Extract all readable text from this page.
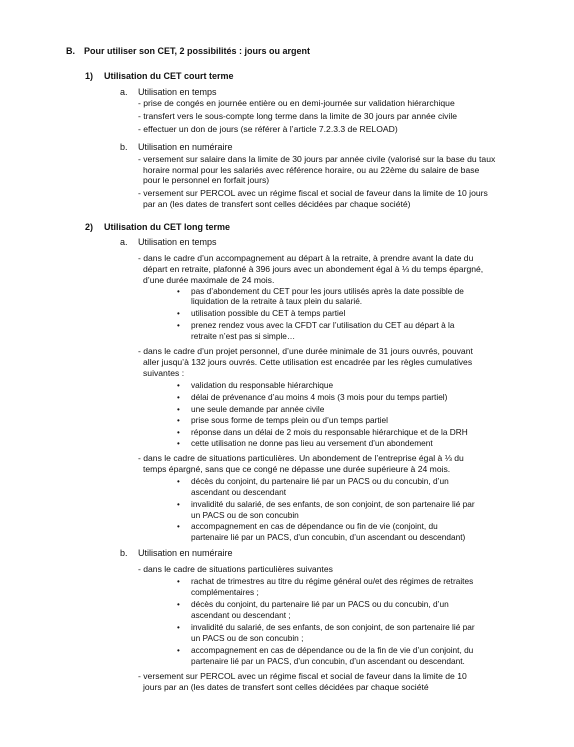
B. Pour utiliser son CET, 2 possibilités : jours ou argent
1) Utilisation du CET court terme
a. Utilisation en temps
- prise de congés en journée entière ou en demi-journée sur validation hiérarchique
- transfert vers le sous-compte long terme dans la limite de 30 jours par année civile
- effectuer un don de jours (se référer à l’article 7.2.3.3 de RELOAD)
b. Utilisation en numéraire
- versement sur salaire dans la limite de 30 jours par année civile (valorisé sur la base du taux
horaire normal pour les salariés avec référence horaire, ou au 22ème du salaire de base
pour le personnel en forfait jours)
- versement sur PERCOL avec un régime fiscal et social de faveur dans la limite de 10 jours
par an (les dates de transfert sont celles décidées par chaque société)
2) Utilisation du CET long terme
a. Utilisation en temps
- dans le cadre d’un accompagnement au départ à la retraite, à prendre avant la date du
départ en retraite, plafonné à 396 jours avec un abondement égal à ⅓ du temps épargné,
d’une durée maximale de 24 mois.
• pas d’abondement du CET pour les jours utilisés après la date possible de
liquidation de la retraite à taux plein du salarié.
• utilisation possible du CET à temps partiel
• prenez rendez vous avec la CFDT car l’utilisation du CET au départ à la
retraite n’est pas si simple…
- dans le cadre d’un projet personnel, d’une durée minimale de 31 jours ouvrés, pouvant
aller jusqu’à 132 jours ouvrés. Cette utilisation est encadrée par les règles cumulatives
suivantes :
• validation du responsable hiérarchique
• délai de prévenance d’au moins 4 mois (3 mois pour du temps partiel)
• une seule demande par année civile
• prise sous forme de temps plein ou d’un temps partiel
• réponse dans un délai de 2 mois du responsable hiérarchique et de la DRH
• cette utilisation ne donne pas lieu au versement d’un abondement
- dans le cadre de situations particulières. Un abondement de l’entreprise égal à ⅓ du
temps épargné, sans que ce congé ne dépasse une durée supérieure à 24 mois.
• décès du conjoint, du partenaire lié par un PACS ou du concubin, d’un
ascendant ou descendant
• invalidité du salarié, de ses enfants, de son conjoint, de son partenaire lié par
un PACS ou de son concubin
• accompagnement en cas de dépendance ou fin de vie (conjoint, du
partenaire lié par un PACS, d’un concubin, d’un ascendant ou descendant)
b. Utilisation en numéraire
- dans le cadre de situations particulières suivantes
• rachat de trimestres au titre du régime général ou/et des régimes de retraites
complémentaires ;
• décès du conjoint, du partenaire lié par un PACS ou du concubin, d’un
ascendant ou descendant ;
• invalidité du salarié, de ses enfants, de son conjoint, de son partenaire lié par
un PACS ou de son concubin ;
• accompagnement en cas de dépendance ou de la fin de vie d’un conjoint, du
partenaire lié par un PACS, d’un concubin, d’un ascendant ou descendant.
- versement sur PERCOL avec un régime fiscal et social de faveur dans la limite de 10
jours par an (les dates de transfert sont celles décidées par chaque société
